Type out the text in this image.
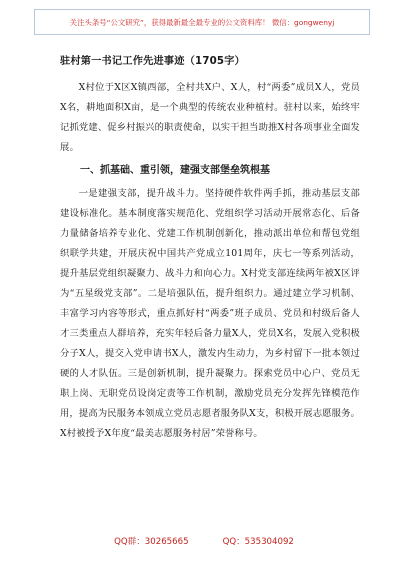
关注头条号“公文研究”，获得最新最全最专业的公文资料库！ 微信：gongwenyj
驻村第一书记工作先进事迹（1705字）

X村位于X区X镇西部，全村共X户、X人，村“两委”成员X人，党员X名，耕地面积X亩，是一个典型的传统农业种植村。驻村以来，始终牢记抓党建、促乡村振兴的职责使命，以实干担当助推X村各项事业全面发展。

一、抓基础、重引领，建强支部堡垒筑根基

一是建强支部，提升战斗力。坚持硬件软件两手抓，推动基层支部建设标准化。基本制度落实规范化、党组织学习活动开展常态化、后备力量储备培养专业化、党建工作机制创新化，推动派出单位和帮包党组织联学共建，开展庆祝中国共产党成立101周年，庆七一等系列活动，提升基层党组织凝聚力、战斗力和向心力。X村党支部连续两年被X区评为“五星级党支部”。二是培强队伍，提升组织力。通过建立学习机制、丰富学习内容等形式，重点抓好村“两委”班子成员、党员和村级后备人才三类重点人群培养，充实年轻后备力量X人，党员X名，发展入党积极分子X人，提交入党申请书X人，激发内生动力，为乡村留下一批本领过硬的人才队伍。三是创新机制，提升凝聚力。探索党员中心户、党员无职上岗、无职党员设岗定责等工作机制，激励党员充分发挥先锋模范作用，提高为民服务本领成立党员志愿者服务队X支，积极开展志愿服务。X村被授予X年度“最美志愿服务村居”荣誉称号。

QQ群：30265665	QQ：535304092
